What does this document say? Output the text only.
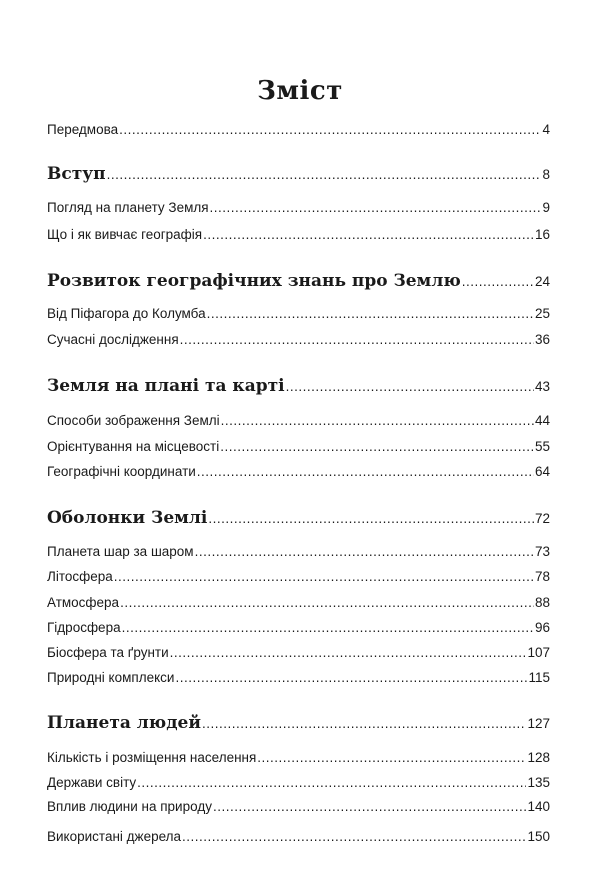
Зміст
Передмова .....	4
Вступ .....	8
Погляд на планету Земля .....	9
Що і як вивчає географія .....	16
Розвиток географічних знань про Землю .....	24
Від Піфагора до Колумба .....	25
Сучасні дослідження .....	36
Земля на плані та карті .....	43
Способи зображення Землі .....	44
Орієнтування на місцевості .....	55
Географічні координати .....	64
Оболонки Землі .....	72
Планета шар за шаром .....	73
Літосфера .....	78
Атмосфера .....	88
Гідросфера .....	96
Біосфера та ґрунти .....	107
Природні комплекси .....	115
Планета людей .....	127
Кількість і розміщення населення .....	128
Держави світу .....	135
Вплив людини на природу .....	140
Використані джерела .....	150
